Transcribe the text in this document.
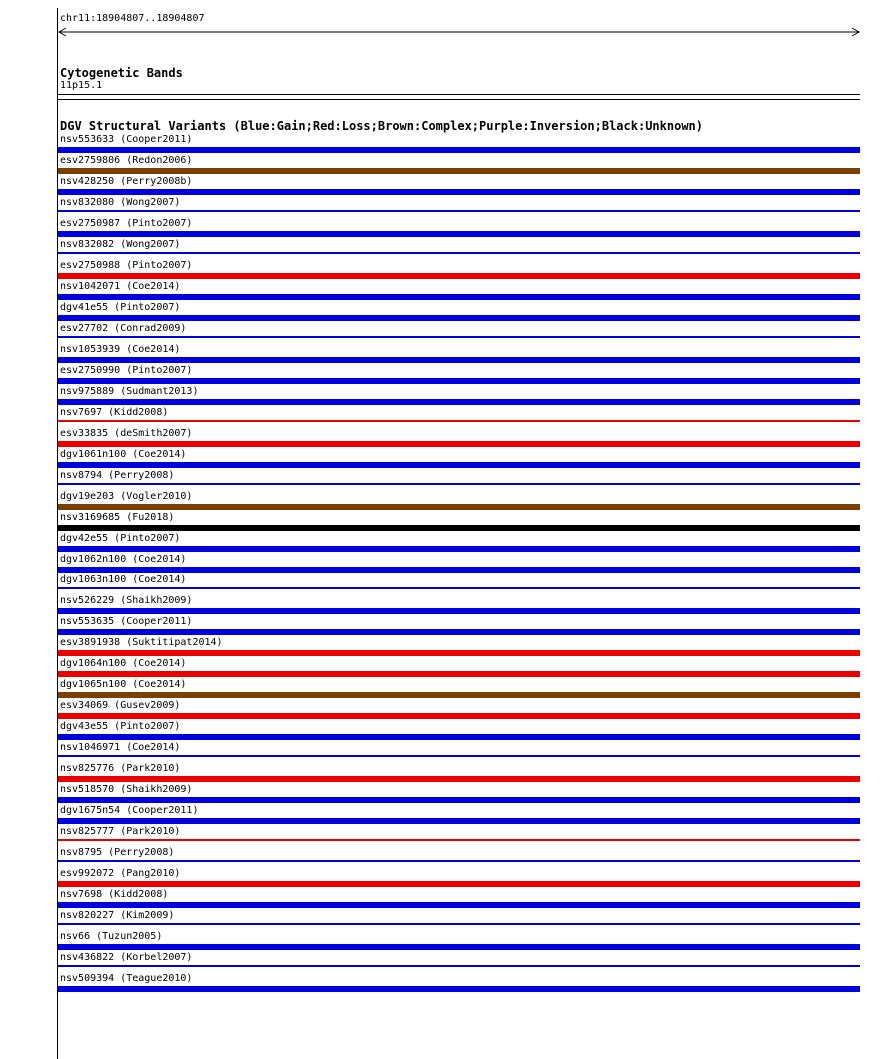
chr11:18904807..18904807
Cytogenetic Bands
11p15.1
DGV Structural Variants (Blue:Gain;Red:Loss;Brown:Complex;Purple:Inversion;Black:Unknown)
nsv553633 (Cooper2011)
esv2759806 (Redon2006)
nsv428250 (Perry2008b)
nsv832080 (Wong2007)
esv2750987 (Pinto2007)
nsv832082 (Wong2007)
esv2750988 (Pinto2007)
nsv1042071 (Coe2014)
dgv41e55 (Pinto2007)
esv27702 (Conrad2009)
nsv1053939 (Coe2014)
esv2750990 (Pinto2007)
nsv975889 (Sudmant2013)
nsv7697 (Kidd2008)
esv33835 (deSmith2007)
dgv1061n100 (Coe2014)
nsv8794 (Perry2008)
dgv19e203 (Vogler2010)
nsv3169685 (Fu2018)
dgv42e55 (Pinto2007)
dgv1062n100 (Coe2014)
dgv1063n100 (Coe2014)
nsv526229 (Shaikh2009)
nsv553635 (Cooper2011)
esv3891938 (Suktitipat2014)
dgv1064n100 (Coe2014)
dgv1065n100 (Coe2014)
esv34069 (Gusev2009)
dgv43e55 (Pinto2007)
nsv1046971 (Coe2014)
nsv825776 (Park2010)
nsv518570 (Shaikh2009)
dgv1675n54 (Cooper2011)
nsv825777 (Park2010)
nsv8795 (Perry2008)
esv992072 (Pang2010)
nsv7698 (Kidd2008)
nsv820227 (Kim2009)
nsv66 (Tuzun2005)
nsv436822 (Korbel2007)
nsv509394 (Teague2010)
